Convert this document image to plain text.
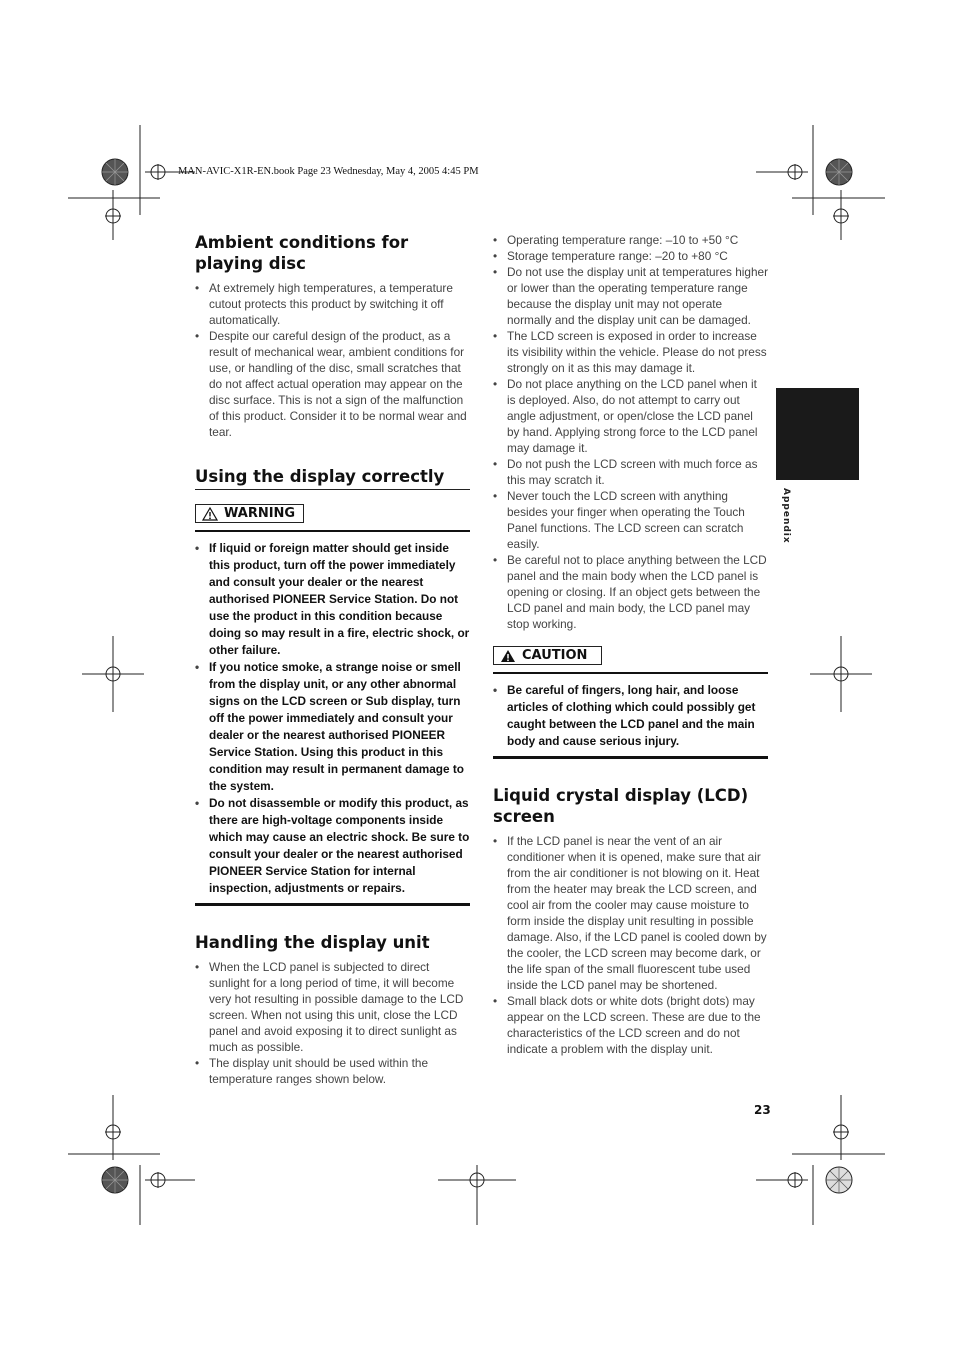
MAN-AVIC-X1R-EN.book Page 23 Wednesday, May 4, 2005 4:45 PM
Appendix
Ambient conditions for playing disc
• At extremely high temperatures, a temperature cutout protects this product by switching it off automatically.
• Despite our careful design of the product, as a result of mechanical wear, ambient conditions for use, or handling of the disc, small scratches that do not affect actual operation may appear on the disc surface. This is not a sign of the malfunction of this product. Consider it to be normal wear and tear.
Using the display correctly
WARNING
• If liquid or foreign matter should get inside this product, turn off the power immediately and consult your dealer or the nearest authorised PIONEER Service Station. Do not use the product in this condition because doing so may result in a fire, electric shock, or other failure.
• If you notice smoke, a strange noise or smell from the display unit, or any other abnormal signs on the LCD screen or Sub display, turn off the power immediately and consult your dealer or the nearest authorised PIONEER Service Station. Using this product in this condition may result in permanent damage to the system.
• Do not disassemble or modify this product, as there are high-voltage components inside which may cause an electric shock. Be sure to consult your dealer or the nearest authorised PIONEER Service Station for internal inspection, adjustments or repairs.
Handling the display unit
• When the LCD panel is subjected to direct sunlight for a long period of time, it will become very hot resulting in possible damage to the LCD screen. When not using this unit, close the LCD panel and avoid exposing it to direct sunlight as much as possible.
• The display unit should be used within the temperature ranges shown below.
• Operating temperature range: –10 to +50 °C
• Storage temperature range: –20 to +80 °C
• Do not use the display unit at temperatures higher or lower than the operating temperature range because the display unit may not operate normally and the display unit can be damaged.
• The LCD screen is exposed in order to increase its visibility within the vehicle. Please do not press strongly on it as this may damage it.
• Do not place anything on the LCD panel when it is deployed. Also, do not attempt to carry out angle adjustment, or open/close the LCD panel by hand. Applying strong force to the LCD panel may damage it.
• Do not push the LCD screen with much force as this may scratch it.
• Never touch the LCD screen with anything besides your finger when operating the Touch Panel functions. The LCD screen can scratch easily.
• Be careful not to place anything between the LCD panel and the main body when the LCD panel is opening or closing. If an object gets between the LCD panel and main body, the LCD panel may stop working.
CAUTION
• Be careful of fingers, long hair, and loose articles of clothing which could possibly get caught between the LCD panel and the main body and cause serious injury.
Liquid crystal display (LCD) screen
• If the LCD panel is near the vent of an air conditioner when it is opened, make sure that air from the air conditioner is not blowing on it. Heat from the heater may break the LCD screen, and cool air from the cooler may cause moisture to form inside the display unit resulting in possible damage. Also, if the LCD panel is cooled down by the cooler, the LCD screen may become dark, or the life span of the small fluorescent tube used inside the LCD panel may be shortened.
• Small black dots or white dots (bright dots) may appear on the LCD screen. These are due to the characteristics of the LCD screen and do not indicate a problem with the display unit.
23
